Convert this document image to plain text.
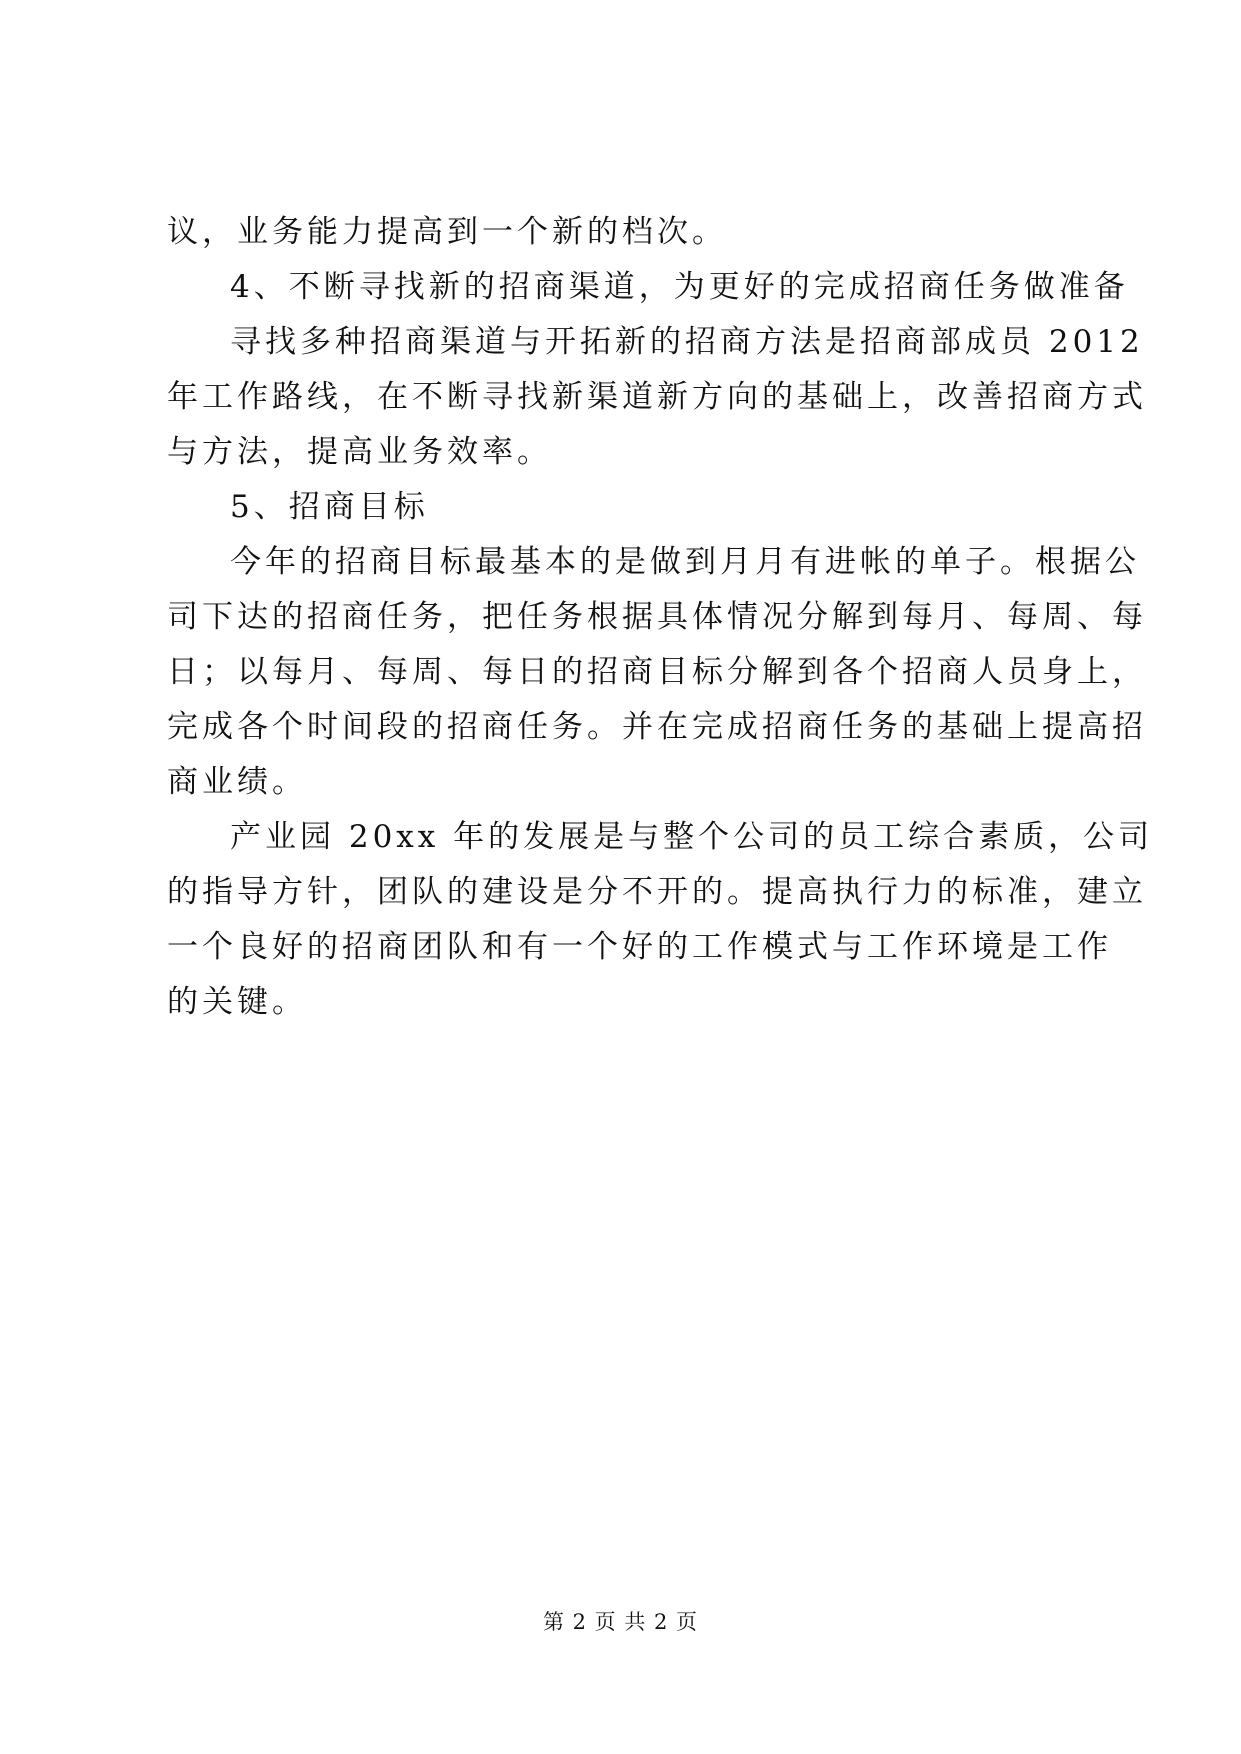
议，业务能力提高到一个新的档次。
4、不断寻找新的招商渠道，为更好的完成招商任务做准备
寻找多种招商渠道与开拓新的招商方法是招商部成员 2012
年工作路线，在不断寻找新渠道新方向的基础上，改善招商方式
与方法，提高业务效率。
5、招商目标
今年的招商目标最基本的是做到月月有进帐的单子。根据公
司下达的招商任务，把任务根据具体情况分解到每月、每周、每
日；以每月、每周、每日的招商目标分解到各个招商人员身上，
完成各个时间段的招商任务。并在完成招商任务的基础上提高招
商业绩。
产业园 20xx 年的发展是与整个公司的员工综合素质，公司
的指导方针，团队的建设是分不开的。提高执行力的标准，建立
一个良好的招商团队和有一个好的工作模式与工作环境是工作
的关键。
第 2 页 共 2 页
